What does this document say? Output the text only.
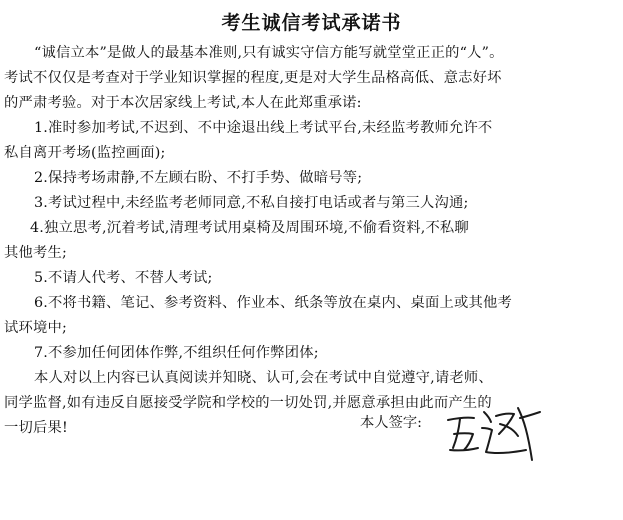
考生诚信考试承诺书
“诚信立本”是做人的最基本准则,只有诚实守信方能写就堂堂正正的“人”。
考试不仅仅是考查对于学业知识掌握的程度,更是对大学生品格高低、意志好坏
的严肃考验。对于本次居家线上考试,本人在此郑重承诺:
1.准时参加考试,不迟到、不中途退出线上考试平台,未经监考教师允许不
私自离开考场(监控画面);
2.保持考场肃静,不左顾右盼、不打手势、做暗号等;
3.考试过程中,未经监考老师同意,不私自接打电话或者与第三人沟通;
4.独立思考,沉着考试,清理考试用桌椅及周围环境,不偷看资料,不私聊
其他考生;
5.不请人代考、不替人考试;
6.不将书籍、笔记、参考资料、作业本、纸条等放在桌内、桌面上或其他考
试环境中;
7.不参加任何团体作弊,不组织任何作弊团体;
本人对以上内容已认真阅读并知晓、认可,会在考试中自觉遵守,请老师、
同学监督,如有违反自愿接受学院和学校的一切处罚,并愿意承担由此而产生的
一切后果!	本人签字:
